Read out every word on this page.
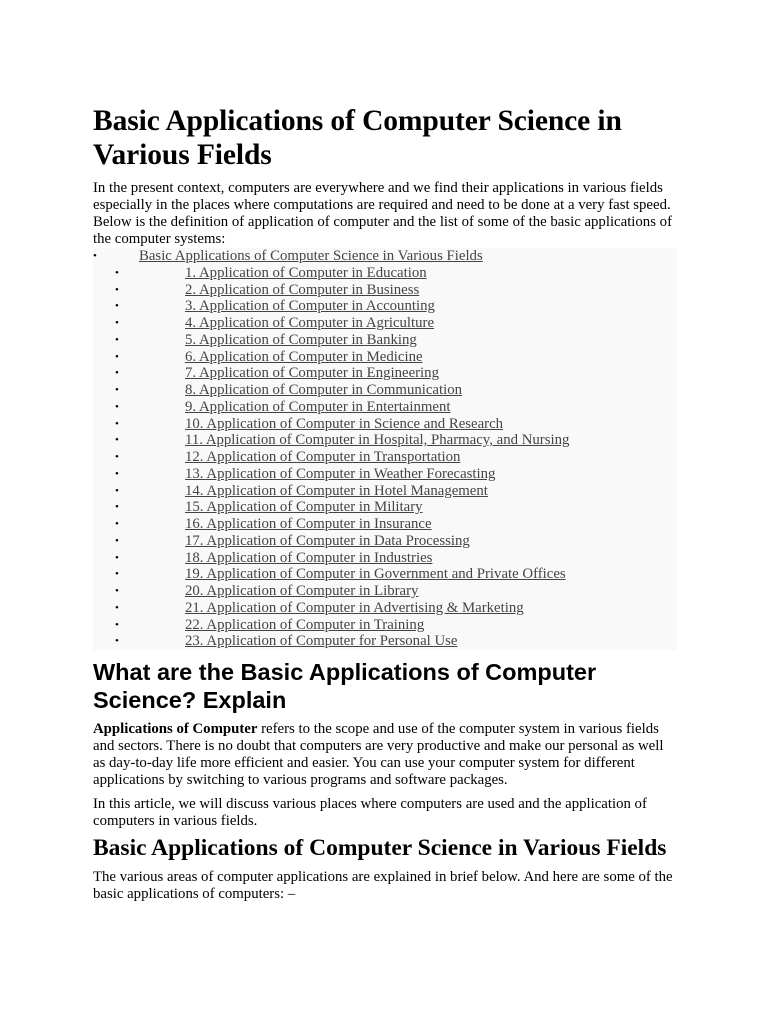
Basic Applications of Computer Science in Various Fields

In the present context, computers are everywhere and we find their applications in various fields especially in the places where computations are required and need to be done at a very fast speed. Below is the definition of application of computer and the list of some of the basic applications of the computer systems:

•	Basic Applications of Computer Science in Various Fields
•	1. Application of Computer in Education
•	2. Application of Computer in Business
•	3. Application of Computer in Accounting
•	4. Application of Computer in Agriculture
•	5. Application of Computer in Banking
•	6. Application of Computer in Medicine
•	7. Application of Computer in Engineering
•	8. Application of Computer in Communication
•	9. Application of Computer in Entertainment
•	10. Application of Computer in Science and Research
•	11. Application of Computer in Hospital, Pharmacy, and Nursing
•	12. Application of Computer in Transportation
•	13. Application of Computer in Weather Forecasting
•	14. Application of Computer in Hotel Management
•	15. Application of Computer in Military
•	16. Application of Computer in Insurance
•	17. Application of Computer in Data Processing
•	18. Application of Computer in Industries
•	19. Application of Computer in Government and Private Offices
•	20. Application of Computer in Library
•	21. Application of Computer in Advertising & Marketing
•	22. Application of Computer in Training
•	23. Application of Computer for Personal Use
What are the Basic Applications of Computer Science? Explain

Applications of Computer refers to the scope and use of the computer system in various fields and sectors. There is no doubt that computers are very productive and make our personal as well as day-to-day life more efficient and easier. You can use your computer system for different applications by switching to various programs and software packages.

In this article, we will discuss various places where computers are used and the application of computers in various fields.

Basic Applications of Computer Science in Various Fields

The various areas of computer applications are explained in brief below. And here are some of the basic applications of computers: –
